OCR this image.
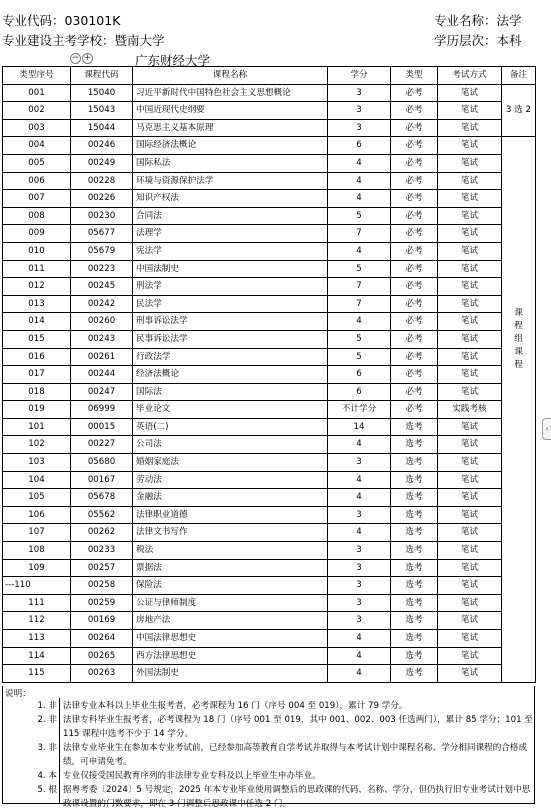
专业代码：030101K	专业名称：法学
专业建设主考学校：暨南大学	学历层次：本科
广东财经大学
− +
类型序号	课程代码	课程名称	学分	类型	考试方式	备注
001	15040	习近平新时代中国特色社会主义思想概论	3	必考	笔试	3 选 2
002	15043	中国近现代史纲要	3	必考	笔试	
003	15044	马克思主义基本原理	3	必考	笔试	
004	00246	国际经济法概论	6	必考	笔试	课程组课程
005	00249	国际私法	4	必考	笔试	
006	00228	环境与资源保护法学	4	必考	笔试	
007	00226	知识产权法	4	必考	笔试	
008	00230	合同法	5	必考	笔试	
009	05677	法理学	7	必考	笔试	
010	05679	宪法学	4	必考	笔试	
011	00223	中国法制史	5	必考	笔试	
012	00245	刑法学	7	必考	笔试	
013	00242	民法学	7	必考	笔试	
014	00260	刑事诉讼法学	4	必考	笔试	
015	00243	民事诉讼法学	5	必考	笔试	
016	00261	行政法学	5	必考	笔试	
017	00244	经济法概论	6	必考	笔试	
018	00247	国际法	6	必考	笔试	
019	06999	毕业论文	不计学分	必考	实践考核	
101	00015	英语(二)	14	选考	笔试	
102	00227	公司法	4	选考	笔试	
103	05680	婚姻家庭法	3	选考	笔试	
104	00167	劳动法	4	选考	笔试	
105	05678	金融法	4	选考	笔试	
106	05562	法律职业道德	3	选考	笔试	
107	00262	法律文书写作	4	选考	笔试	
108	00233	税法	3	选考	笔试	
109	00257	票据法	3	选考	笔试	
---110	00258	保险法	3	选考	笔试	
111	00259	公证与律师制度	3	选考	笔试	
112	00169	房地产法	3	选考	笔试	
113	00264	中国法律思想史	4	选考	笔试	
114	00265	西方法律思想史	4	选考	笔试	
115	00263	外国法制史	4	选考	笔试	
说明：
1. 非 法律专业本科以上毕业生报考者，必考课程为 16 门（序号 004 至 019），累计 79 学分。
2. 非 法律专科毕业生报考者，必考课程为 18 门（序号 001 至 019，其中 001、002、003 任选两门），累计 85 学分；101 至 115 课程中选考不少于 14 学分。
3. 非 法律专业毕业生在参加本专业考试前，已经参加高等教育自学考试并取得与本考试计划中课程名称、学分相同课程的合格成绩，可申请免考。
4. 本 专业仅接受国民教育序列的非法律专业专科及以上毕业生申办毕业。
5. 根 据粤考委〔2024〕5 号规定，2025 年本专业毕业使用调整后的思政课的代码、名称、学分，但仍执行旧专业考试计划中思政课设置的门数要求，即在 3 门调整后思政课中任选 2 门。
‹
